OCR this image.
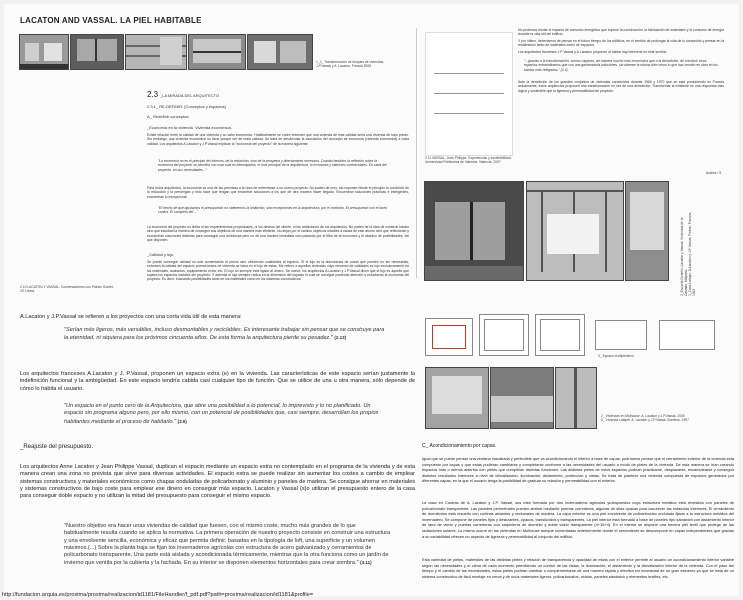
LACATON AND VASSAL. LA PIEL HABITABLE
1_2_ Transformación de bloques de viviendas.
J.P.Vassal y A. Lacaton. Francia 2008
2.10 LACATON Y VASSAL. Conversaciones con Patrice Goulet.
2G Libros
2.3 _LA MIRADA DEL ARQUITECTO
2.3.1_ RE-DEFINIR. [Conceptos y espacios]
A_ Redefinir conceptos:
_Economía en la vivienda. Vivienda económica.
Existe relación entre la calidad de una vivienda y su valor económico. Habitualmente se cobre entender que una vivienda de más calidad sería una vivienda de bajo precio. Sin embargo, una vivienda económica no tiene porque ser de mala calidad. Se trata de desvincular la asociación del concepto de economía (vivienda económica) a mala calidad. Los arquitectos A.Lacaton y J.P.Vassal explican la "economía del proyecto" de la manera siguiente:
"La economía no es el principio del interiors, de la reducción, sino de la prosperia y directamente necesaria. Cuando también, la reflexión sobre la economía del proyecto se permitía con usar cual es intencipados, el rival principal de la arquitectura, la economía y intereses contractuales. En cada del proyecto, en sus necesidades..."
Para estos arquitectos, la economía va una de las premisas a la hora de enfrentarse a un nuevo proyecto. No parten de cero, sin imponen desde el principio la condición de la reducción y la prevengan y esto hace que tengan que encontrar soluciones a los que de otra manera hacer llegado. Encuentran soluciones prácticas e inteligentes, encuentran lo excepcional.
"El hecho de que ajustamos el presupuesto no obtenemos la limitación, sino excepciones en la arquitectura, por el contrario. El presupuesto con el buen control. El completo del ..."
La economía del proyecto no limita ni las requerimientos proyectuales, ni los deseos del cliente, ni las ambiciones de los arquitectos. No parten de la idea de construir barato sino que estudian la manera de conseguir sus objetivos de una manera más eficiente. No dejan por el camino objetivos iniciales a causa de este ahorro sino que reflexionan y encuentran soluciones distintas para conseguir una ambiciosa pero no de una manera inmediata sino pasando por el filtro de la economía y el abanico de posibilidades, del que disponen.
_Calidad y lujo.
Se puede conseguir calidad no solo aumentando el precio sino ofreciendo cualidades al espacio. Si el lujo es la abundancia de cosas que pueden no ser necesarias, entonces la calidad del espacio promocionera de vivienda se basa en el lujo de estas. Me refiero a aquellos viviendas cuyo remanso de calidades es lujo exclusivamente en los materiales, acabados, equipamiento extra, etc. El lujo no siempre está ligado al dinero. De nuevo, los arquitectos A.Lacaton y J.P.Vassal dicen que el lujo es aquello que supera los espacios iniciales del proyecto. Y además el lujo siempre radica en la dimensión del espacio lo cual se consigue poniendo atención y estudiando la economía del proyecto. Es decir, buscando posibilidades tanto en los materiales como en los sistemas constructivos.
No podemos eludar el impacto de consumo energético que supone la construcción, la fabricación de materiales y el consumo de energía durante la vida útil del edificio.
Y por último, deberíamos de pensar en el futuro tiempo de los edificios, en el sentido de prolongar la vida de lo construido y pensar en la reutilización tanto de materiales como de espacios.
Los arquitectos franceses J.P Vassal y A.Lacaton proponen al hablar hay intervenir en este sentido.
"...gracias a la transformación, somos capaces, de manera mucho más económica que a la demolición, de construir vivos espacios extraordinarios que con una gastronomía soluciones, sin obtener la misma bién como lo que has servido en obra en los barrios más relegados." (2,4)
Ante la demolición de los grandes conjuntos de viviendas construidos durante 1960 y 1970 que se está produciendo en Francia actualmente, estos arquitectos proponen una transformación en vez de una demolición. Transformar la existente es una respuesta más lógica y sostenible que la ligereza y permeabilidad del proyecto.
2.11 VASSAL, Jean-Philippe. Experiencias y sostenibilidad. Universidad Politécnica de Valencia. Valencia, 2007
Arabes / 9
2_Escuela Gebelin, Lacaton y Vassal. Viviendas de la Calvade, Malpaso.
3_Casa Latapie, A.Lacaton y J.P Vassal. Floirac, Francia, 1993
3_ Espace multiple/servi
2_ Viviendas en Mulhouse. A. Lacaton y J.P.Vassal. 2005
3_ Vivienda Latapie. A. Lacaton y J.P.Vassal. Burdeos. 1997
A.Lacaton y J.P.Vassal se refieren a los proyectos con una corta vida útil de esta manera:
"Serían más ligeros, más versátiles, incluso desmontables y reciclables. Es interesante trabajar sin pensar que se construye para la eternidad, ni siquiera para los próximos cincuenta años. De esta forma la arquitectura pierde su pesadez." (2.13)
Los arquitectos franceses A.Lacaton y J. P.Vassal, proponen un espacio extra (e) en la vivienda. Las características de este espacio serían justamente la indefinición funcional y la ambigüedad. En este espacio tendría cabida casi cualquier tipo de función. Que se utilice de una u otra manera, sólo depende de cómo lo habita el usuario.
"Un espacio en el punto cero de la Arquitectura, que abre una posibilidad a lo potencial, lo imprevisto y lo no planificado. Un espacio sin programa alguno pero, por ello mismo, con un potencial de posibilidades que, casi siempre, desarrollan los propios habitantes mediante el proceso de habitarlo." (3.6)
_Reajuste del presupuesto.
Los arquitectos Anne Lacaton y Jean Philippe Vassal, duplican el espacio mediante un espacio extra no contemplado en el programa de la vivienda y de esta manera crean una zona no prevista que sirve para diversas actividades. El espacio extra se puede realizar sin aumentar los costes a cambio de emplear sistemas constructivos y materiales económicos como chapas onduladas de policarbonato y aluminio y paneles de madera. Se consigue ahorrar en materiales y sistemas constructivos de bajo coste para emplear ese dinero en conseguir más espacio. Lacaton y Vassal (s)o utilizan el presupuesto entero de la casa para conseguir doble espacio y no utilizan la mitad del presupuesto para conseguir el mismo espacio.
"Nuestro objetivo era hacer unas viviendas de calidad que fuesen, con el mismo coste, mucho más grandes de lo que habitualmente resulta cuando se aplica la normativa. La primera operación de nuestro proyecto consiste en construir una estructura y una envolvente sencilla, económica y eficaz que permita definir, basadas en la tipología de loft, una superficie y un volumen máximos.(...) Sobre la planta baja se fijan los invernaderos agrícolas con estructura de acero galvanizado y cerramientos de policarbonato transparente. Una parte está aislada y acondicionada térmicamente, mientras que la otra funciona como un jardín de invierno que ventila por la cubierta y la fachada. En su interior se disponen elementos horizontales para crear sombra." (3.11)
C_ Acondicionamiento por capas.
Igual que se puede pensar una ventana inacabada y perfectible que va acondicionando el interior a base de capas, podríamos pensar que el cerramiento exterior de la vivienda esta compuesto por capas y que estas pudieran cambiarse y completarse conforme a las necesidades del usuario a modo de pieles de la vivienda. De esta manera se irían creando espacios más o menos abiertos con pieles que cumplirían distintas funciones. Las distintas pieles de estos espacios podrían practicarse, desplazarse, escamotearse y conseguir distintos resultados interiores a nivel de climatización, iluminación, aislamiento, protección y vistas. Se trata de plantear una vivienda compuesta de espacios generados por diferentes capas, en la que el usuario tenga la posibilidad de graduar su relación y permeabilidad con el exterior.
La casa en Coutras de A. Lacaton y J.P. Vassal, sus está formada por dos invernaderos agrícolas yuxtapuestos cuya estructura metálica está revestida con paneles de policarbonato transparente. Las paredes perimetrales pueden abrirse mediante puertas correderas, algunas de ellas opacas para oscurecer las estancias interiores. El cerramiento de dormitorios está resuelto con cortinas aislantes y ventanales de madera. La capa exterior es una piel envolvente de policarbonato ondulado fijado a la estructura metálica del invernadero. Se compone de paneles fijos y deslizantes, opacos, translúcidos y transparentes. La piel interior está formada a base de paneles tipo sándwich con aislamiento interior de lana de vidrio y puertas correderas con carpintería de aluminio y doble vidrio transparente (4+16+4). En el interior se dispone una tercera piel textil que protege de las radiaciones solares. Lo mismo ocurre en las viviendas en Mulhouse aunque comentadas anteriormente donde el cerramiento se descompone en capas independientes que gracias a su variabilidad ofrecen un aspecto de ligereza y permeabilidad al conjunto del edificio.
Esta variedad de pieles, materiales de las distintas pieles y relación de transparencia y opacidad de estas con el exterior permite al usuario un acondicionamiento interior variable según las necesidades y el clima de cada momento permitiendo un control de las vistas, la iluminación, el aislamiento y la climatización interior de la vivienda. Con el paso del tiempo y el cambio de las necesidades, estas pieles podrían cambiar o complementarse de una manera rápida y efectiva sin necesidad de un gran esfuerzo ya que se trata de un sistema constructivo de fácil montaje en cerca y de unos materiales ligeros: policarbonatos, vidrios, paneles sándwich y elementos textiles, etc.
http://fundacion.arquia.es/proxima/proxima/realizacion/id1181/FileHandler/f_pdf.pdf?path=proxima/realizacion/id1181&profile=
